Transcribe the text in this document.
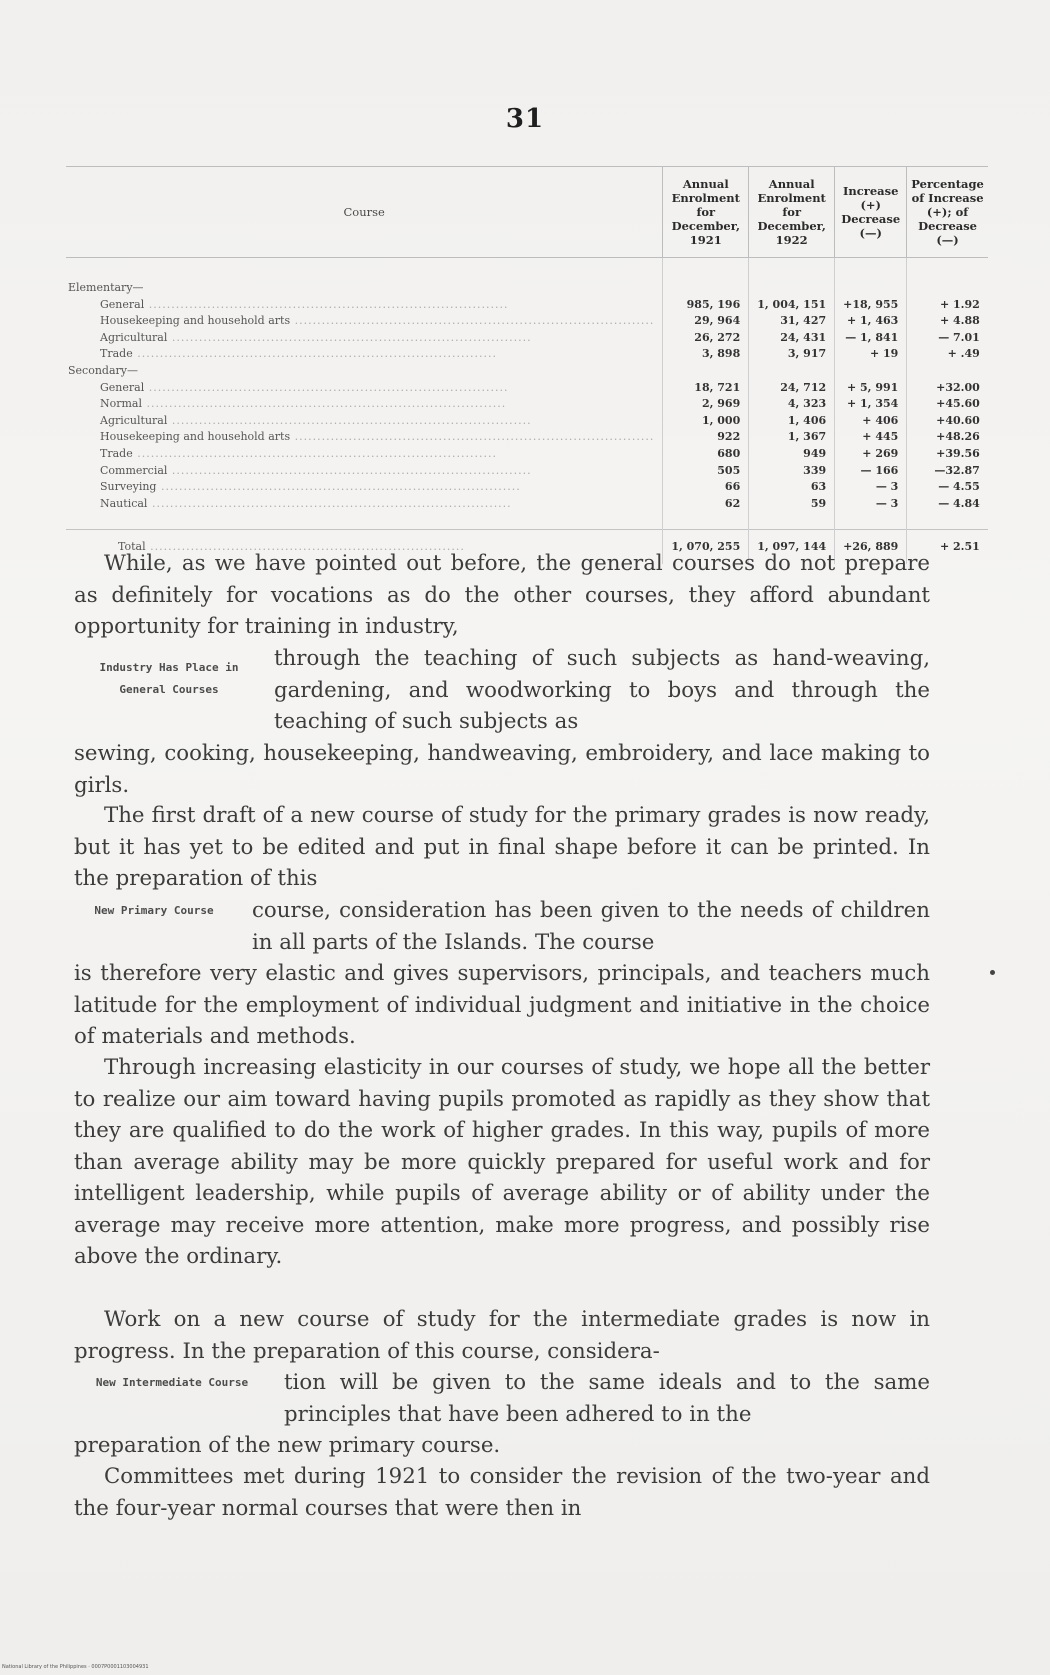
31
Course	Annual Enrolment for December, 1921	Annual Enrolment for December, 1922	Increase (+) Decrease (—)	Percentage of Increase (+); of Decrease (—)

Elementary—				
General ................................................................................	985, 196	1, 004, 151	+18, 955	+ 1.92
Housekeeping and household arts ................................................................................	29, 964	31, 427	+ 1, 463	+ 4.88
Agricultural ................................................................................	26, 272	24, 431	— 1, 841	— 7.01
Trade ................................................................................	3, 898	3, 917	+ 19	+ .49
Secondary—				
General ................................................................................	18, 721	24, 712	+ 5, 991	+32.00
Normal ................................................................................	2, 969	4, 323	+ 1, 354	+45.60
Agricultural ................................................................................	1, 000	1, 406	+ 406	+40.60
Housekeeping and household arts ................................................................................	922	1, 367	+ 445	+48.26
Trade ................................................................................	680	949	+ 269	+39.56
Commercial ................................................................................	505	339	— 166	—32.87
Surveying ................................................................................	66	63	— 3	— 4.55
Nautical ................................................................................	62	59	— 3	— 4.84

Total ......................................................................	1, 070, 255	1, 097, 144	+26, 889	+ 2.51

While, as we have pointed out before, the general courses do not prepare as definitely for vocations as do the other courses, they afford abundant opportunity for training in industry,

Industry Has Place in General Courses

through the teaching of such subjects as hand-weaving, gardening, and woodworking to boys and through the teaching of such subjects as

sewing, cooking, housekeeping, handweaving, embroidery, and lace making to girls.

The first draft of a new course of study for the primary grades is now ready, but it has yet to be edited and put in final shape before it can be printed. In the preparation of this

New Primary Course	course, consideration has been given to the needs of children in all parts of the Islands. The course

is therefore very elastic and gives supervisors, principals, and teachers much latitude for the employment of individual judgment and initiative in the choice of materials and methods.

Through increasing elasticity in our courses of study, we hope all the better to realize our aim toward having pupils promoted as rapidly as they show that they are qualified to do the work of higher grades. In this way, pupils of more than average ability may be more quickly prepared for useful work and for intelligent leadership, while pupils of average ability or of ability under the average may receive more attention, make more progress, and possibly rise above the ordinary.

Work on a new course of study for the intermediate grades is now in progress. In the preparation of this course, considera-

New Intermediate Course	tion will be given to the same ideals and to the same principles that have been adhered to in the

preparation of the new primary course.

Committees met during 1921 to consider the revision of the two-year and the four-year normal courses that were then in

National Library of the Philippines · 0007P0001103004931
